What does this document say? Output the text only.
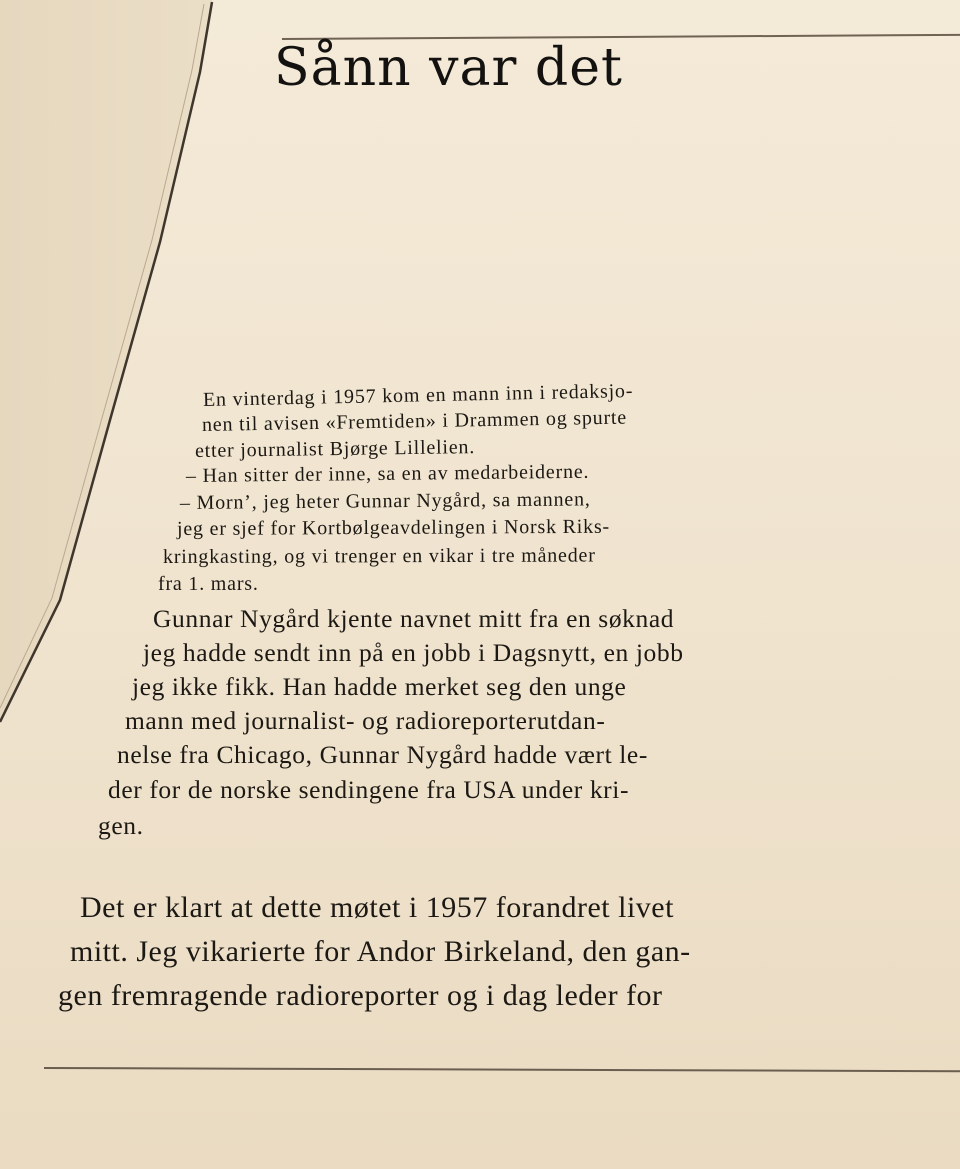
Sånn var det

En vinterdag i 1957 kom en mann inn i redaksjo-

nen til avisen «Fremtiden» i Drammen og spurte

etter journalist Bjørge Lillelien.

– Han sitter der inne, sa en av medarbeiderne.

– Morn’, jeg heter Gunnar Nygård, sa mannen,

jeg er sjef for Kortbølgeavdelingen i Norsk Riks-

kringkasting, og vi trenger en vikar i tre måneder

fra 1. mars.

Gunnar Nygård kjente navnet mitt fra en søknad

jeg hadde sendt inn på en jobb i Dagsnytt, en jobb

jeg ikke fikk. Han hadde merket seg den unge

mann med journalist- og radioreporterutdan-

nelse fra Chicago, Gunnar Nygård hadde vært le-

der for de norske sendingene fra USA under kri-

gen.

Det er klart at dette møtet i 1957 forandret livet

mitt. Jeg vikarierte for Andor Birkeland, den gan-

gen fremragende radioreporter og i dag leder for
